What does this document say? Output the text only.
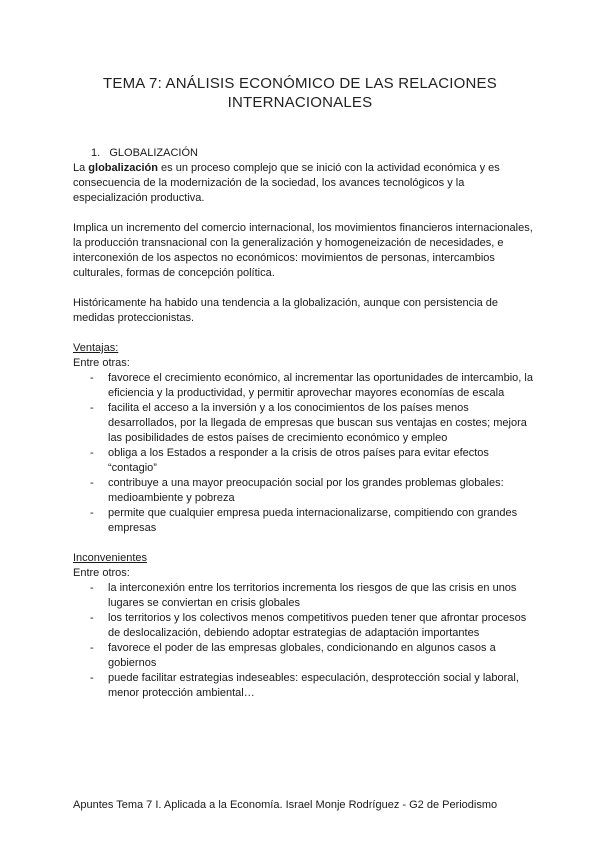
TEMA 7: ANÁLISIS ECONÓMICO DE LAS RELACIONES
INTERNACIONALES

1. GLOBALIZACIÓN

La globalización es un proceso complejo que se inició con la actividad económica y es consecuencia de la modernización de la sociedad, los avances tecnológicos y la especialización productiva.

Implica un incremento del comercio internacional, los movimientos financieros internacionales, la producción transnacional con la generalización y homogeneización de necesidades, e interconexión de los aspectos no económicos: movimientos de personas, intercambios culturales, formas de concepción política.

Históricamente ha habido una tendencia a la globalización, aunque con persistencia de medidas proteccionistas.

Ventajas:

Entre otras:

- favorece el crecimiento económico, al incrementar las oportunidades de intercambio, la eficiencia y la productividad, y permitir aprovechar mayores economías de escala
- facilita el acceso a la inversión y a los conocimientos de los países menos desarrollados, por la llegada de empresas que buscan sus ventajas en costes; mejora las posibilidades de estos países de crecimiento económico y empleo
- obliga a los Estados a responder a la crisis de otros países para evitar efectos “contagio”
- contribuye a una mayor preocupación social por los grandes problemas globales: medioambiente y pobreza
- permite que cualquier empresa pueda internacionalizarse, compitiendo con grandes empresas

Inconvenientes

Entre otros:

- la interconexión entre los territorios incrementa los riesgos de que las crisis en unos lugares se conviertan en crisis globales
- los territorios y los colectivos menos competitivos pueden tener que afrontar procesos de deslocalización, debiendo adoptar estrategias de adaptación importantes
- favorece el poder de las empresas globales, condicionando en algunos casos a gobiernos
- puede facilitar estrategias indeseables: especulación, desprotección social y laboral, menor protección ambiental…
Apuntes Tema 7 I. Aplicada a la Economía. Israel Monje Rodríguez - G2 de Periodismo
